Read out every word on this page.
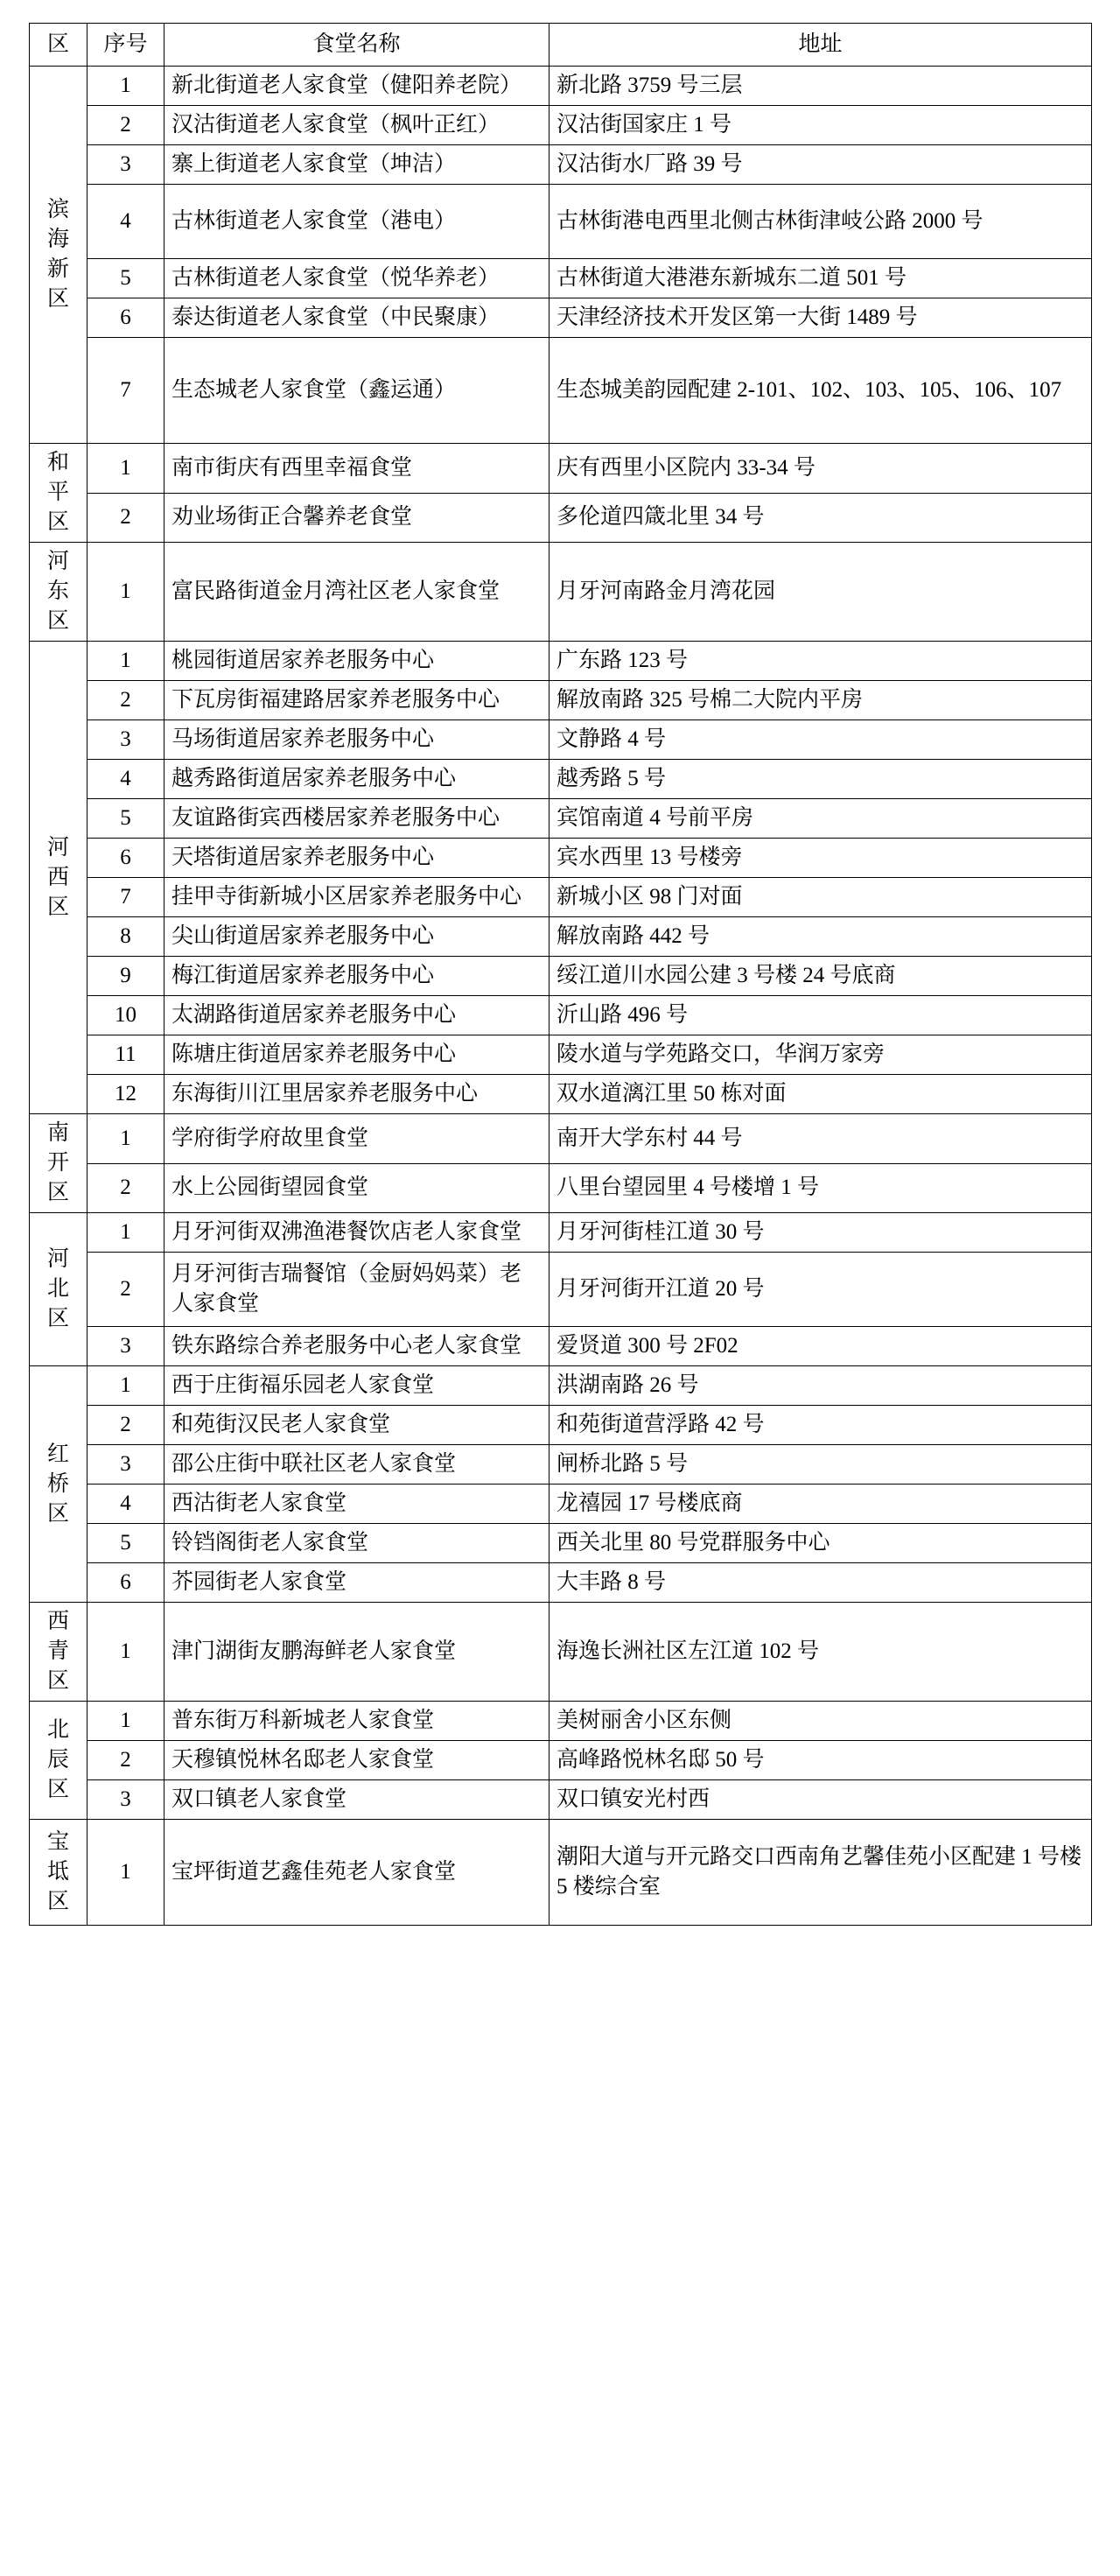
区	序号	食堂名称	地址
滨海新区	1	新北街道老人家食堂（健阳养老院）	新北路 3759 号三层
	2	汉沽街道老人家食堂（枫叶正红）	汉沽街国家庄 1 号
	3	寨上街道老人家食堂（坤洁）	汉沽街水厂路 39 号
	4	古林街道老人家食堂（港电）	古林街港电西里北侧古林街津岐公路 2000 号
	5	古林街道老人家食堂（悦华养老）	古林街道大港港东新城东二道 501 号
	6	泰达街道老人家食堂（中民聚康）	天津经济技术开发区第一大街 1489 号
	7	生态城老人家食堂（鑫运通）	生态城美韵园配建 2-101、102、103、105、106、107
和平区	1	南市街庆有西里幸福食堂	庆有西里小区院内 33-34 号
	2	劝业场街正合馨养老食堂	多伦道四箴北里 34 号
河东区	1	富民路街道金月湾社区老人家食堂	月牙河南路金月湾花园
河西区	1	桃园街道居家养老服务中心	广东路 123 号
	2	下瓦房街福建路居家养老服务中心	解放南路 325 号棉二大院内平房
	3	马场街道居家养老服务中心	文静路 4 号
	4	越秀路街道居家养老服务中心	越秀路 5 号
	5	友谊路街宾西楼居家养老服务中心	宾馆南道 4 号前平房
	6	天塔街道居家养老服务中心	宾水西里 13 号楼旁
	7	挂甲寺街新城小区居家养老服务中心	新城小区 98 门对面
	8	尖山街道居家养老服务中心	解放南路 442 号
	9	梅江街道居家养老服务中心	绥江道川水园公建 3 号楼 24 号底商
	10	太湖路街道居家养老服务中心	沂山路 496 号
	11	陈塘庄街道居家养老服务中心	陵水道与学苑路交口，华润万家旁
	12	东海街川江里居家养老服务中心	双水道漓江里 50 栋对面
南开区	1	学府街学府故里食堂	南开大学东村 44 号
	2	水上公园街望园食堂	八里台望园里 4 号楼增 1 号
河北区	1	月牙河街双沸渔港餐饮店老人家食堂	月牙河街桂江道 30 号
	2	月牙河街吉瑞餐馆（金厨妈妈菜）老人家食堂	月牙河街开江道 20 号
	3	铁东路综合养老服务中心老人家食堂	爱贤道 300 号 2F02
红桥区	1	西于庄街福乐园老人家食堂	洪湖南路 26 号
	2	和苑街汉民老人家食堂	和苑街道营浮路 42 号
	3	邵公庄街中联社区老人家食堂	闸桥北路 5 号
	4	西沽街老人家食堂	龙禧园 17 号楼底商
	5	铃铛阁街老人家食堂	西关北里 80 号党群服务中心
	6	芥园街老人家食堂	大丰路 8 号
西青区	1	津门湖街友鹏海鲜老人家食堂	海逸长洲社区左江道 102 号
北辰区	1	普东街万科新城老人家食堂	美树丽舍小区东侧
	2	天穆镇悦林名邸老人家食堂	高峰路悦林名邸 50 号
	3	双口镇老人家食堂	双口镇安光村西
宝坻区	1	宝坪街道艺鑫佳苑老人家食堂	潮阳大道与开元路交口西南角艺馨佳苑小区配建 1 号楼 5 楼综合室
